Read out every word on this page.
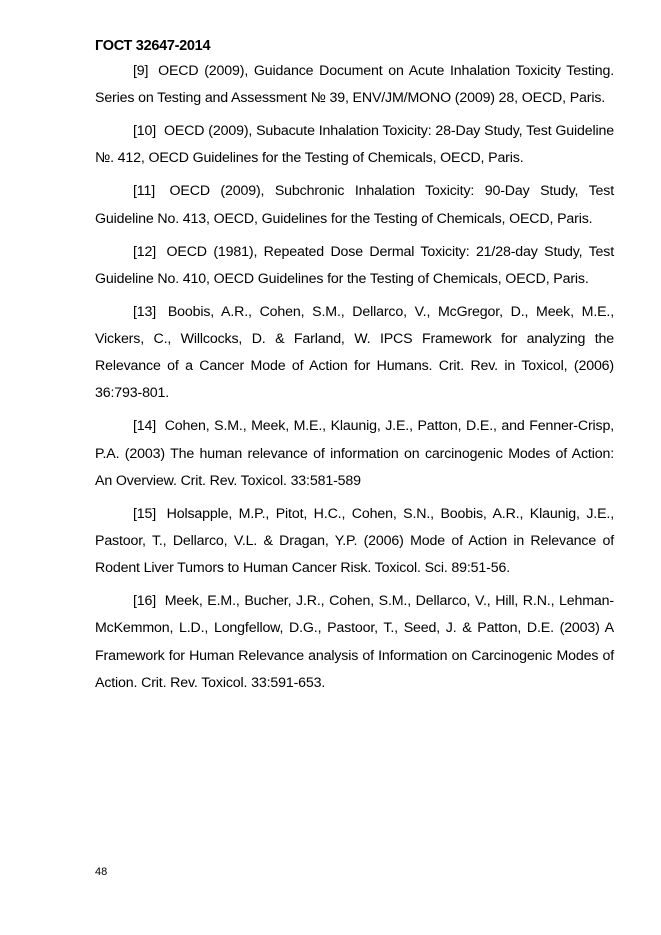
ГОСТ 32647-2014

[9] OECD (2009), Guidance Document on Acute Inhalation Toxicity Testing. Series on Testing and Assessment № 39, ENV/JM/MONO (2009) 28, OECD, Paris.

[10] OECD (2009), Subacute Inhalation Toxicity: 28-Day Study, Test Guideline №. 412, OECD Guidelines for the Testing of Chemicals, OECD, Paris.

[11] OECD (2009), Subchronic Inhalation Toxicity: 90-Day Study, Test Guideline No. 413, OECD, Guidelines for the Testing of Chemicals, OECD, Paris.

[12] OECD (1981), Repeated Dose Dermal Toxicity: 21/28-day Study, Test Guideline No. 410, OECD Guidelines for the Testing of Chemicals, OECD, Paris.

[13] Boobis, A.R., Cohen, S.M., Dellarco, V., McGregor, D., Meek, M.E., Vickers, C., Willcocks, D. & Farland, W. IPCS Framework for analyzing the Relevance of a Cancer Mode of Action for Humans. Crit. Rev. in Toxicol, (2006) 36:793-801.

[14] Cohen, S.M., Meek, M.E., Klaunig, J.E., Patton, D.E., and Fenner-Crisp, P.A. (2003) The human relevance of information on carcinogenic Modes of Action: An Overview. Crit. Rev. Toxicol. 33:581-589

[15] Holsapple, M.P., Pitot, H.C., Cohen, S.N., Boobis, A.R., Klaunig, J.E., Pastoor, T., Dellarco, V.L. & Dragan, Y.P. (2006) Mode of Action in Relevance of Rodent Liver Tumors to Human Cancer Risk. Toxicol. Sci. 89:51-56.

[16] Meek, E.M., Bucher, J.R., Cohen, S.M., Dellarco, V., Hill, R.N., Lehman-McKemmon, L.D., Longfellow, D.G., Pastoor, T., Seed, J. & Patton, D.E. (2003) A Framework for Human Relevance analysis of Information on Carcinogenic Modes of Action. Crit. Rev. Toxicol. 33:591-653.

48
